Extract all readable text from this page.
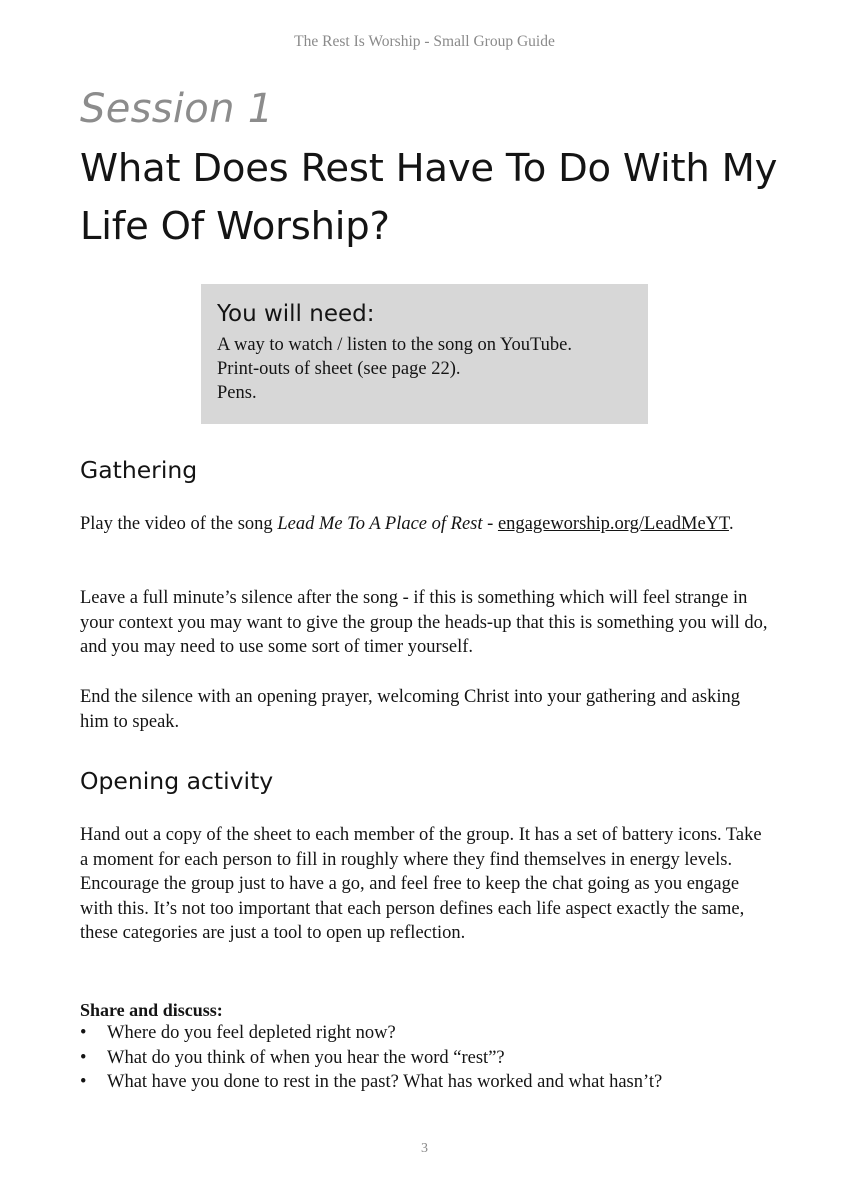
The Rest Is Worship - Small Group Guide
Session 1
What Does Rest Have To Do With My Life Of Worship?
You will need:
A way to watch / listen to the song on YouTube.
Print-outs of sheet (see page 22).
Pens.
Gathering

Play the video of the song Lead Me To A Place of Rest - engageworship.org/LeadMeYT.

Leave a full minute’s silence after the song - if this is something which will feel strange in your context you may want to give the group the heads-up that this is something you will do, and you may need to use some sort of timer yourself.

End the silence with an opening prayer, welcoming Christ into your gathering and asking him to speak.

Opening activity

Hand out a copy of the sheet to each member of the group. It has a set of battery icons. Take a moment for each person to fill in roughly where they find themselves in energy levels. Encourage the group just to have a go, and feel free to keep the chat going as you engage with this. It’s not too important that each person defines each life aspect exactly the same, these categories are just a tool to open up reflection.

Share and discuss:
• Where do you feel depleted right now?
• What do you think of when you hear the word “rest”?
• What have you done to rest in the past? What has worked and what hasn’t?
3
